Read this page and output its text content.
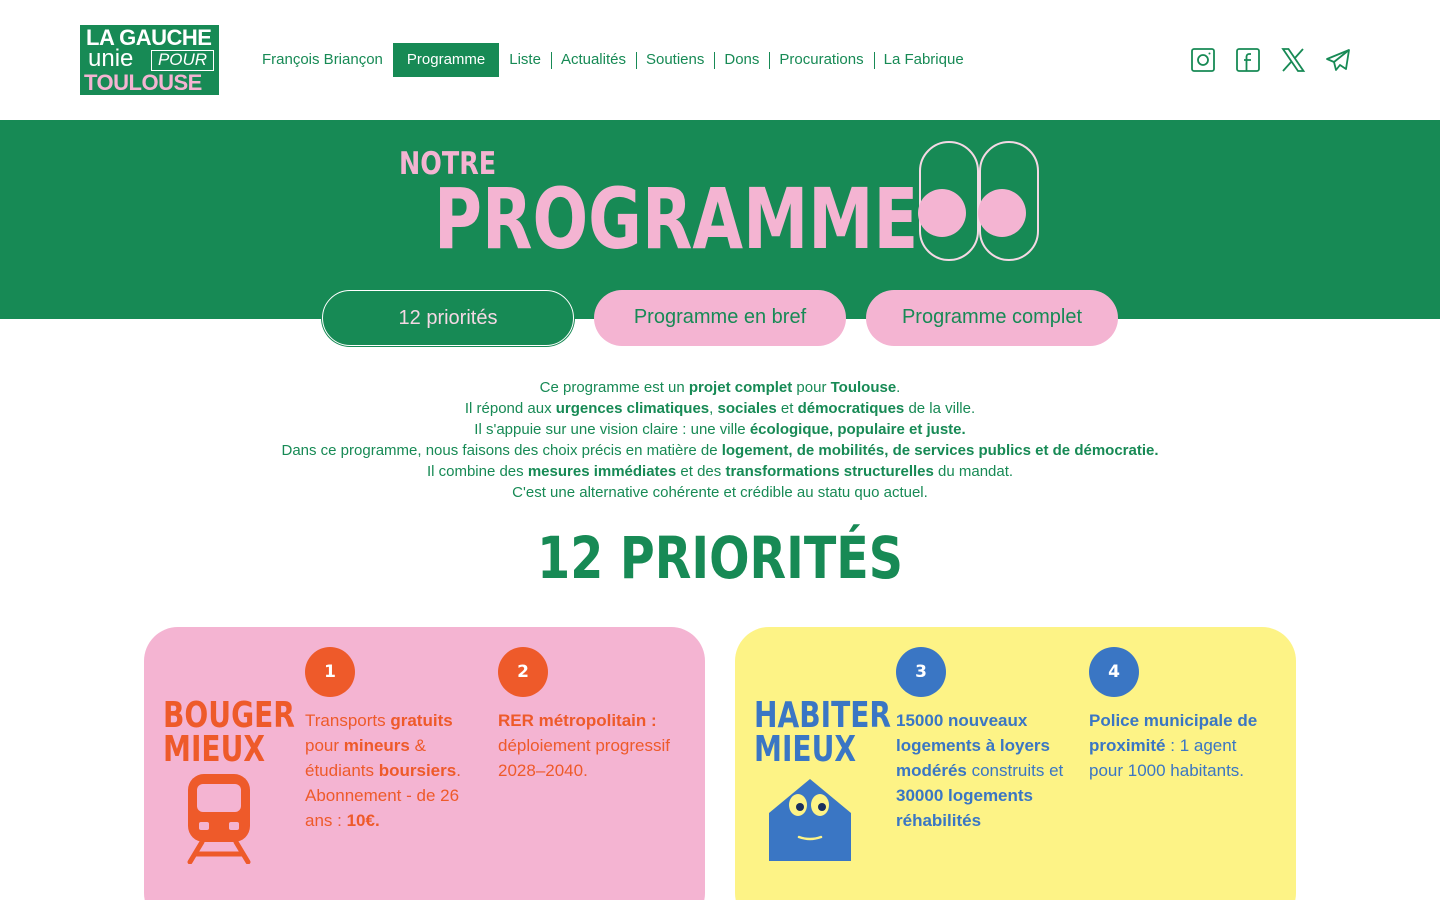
LA GAUCHE
unie	POUR
TOULOUSE
François Briançon	Programme	Liste	Actualités	Soutiens	Dons	Procurations	La Fabrique
NOTRE
PROGRAMME
12 priorités	Programme en bref	Programme complet

Ce programme est un projet complet pour Toulouse.

Il répond aux urgences climatiques, sociales et démocratiques de la ville.

Il s'appuie sur une vision claire : une ville écologique, populaire et juste.

Dans ce programme, nous faisons des choix précis en matière de logement, de mobilités, de services publics et de démocratie.

Il combine des mesures immédiates et des transformations structurelles du mandat.

C'est une alternative cohérente et crédible au statu quo actuel.

12 PRIORITÉS
BOUGER
MIEUX
1
Transports gratuits pour mineurs & étudiants boursiers. Abonnement - de 26 ans : 10€.
2
RER métropolitain : déploiement progressif 2028–2040.
HABITER
MIEUX
3
15000 nouveaux logements à loyers modérés construits et 30000 logements réhabilités
4
Police municipale de proximité : 1 agent pour 1000 habitants.
